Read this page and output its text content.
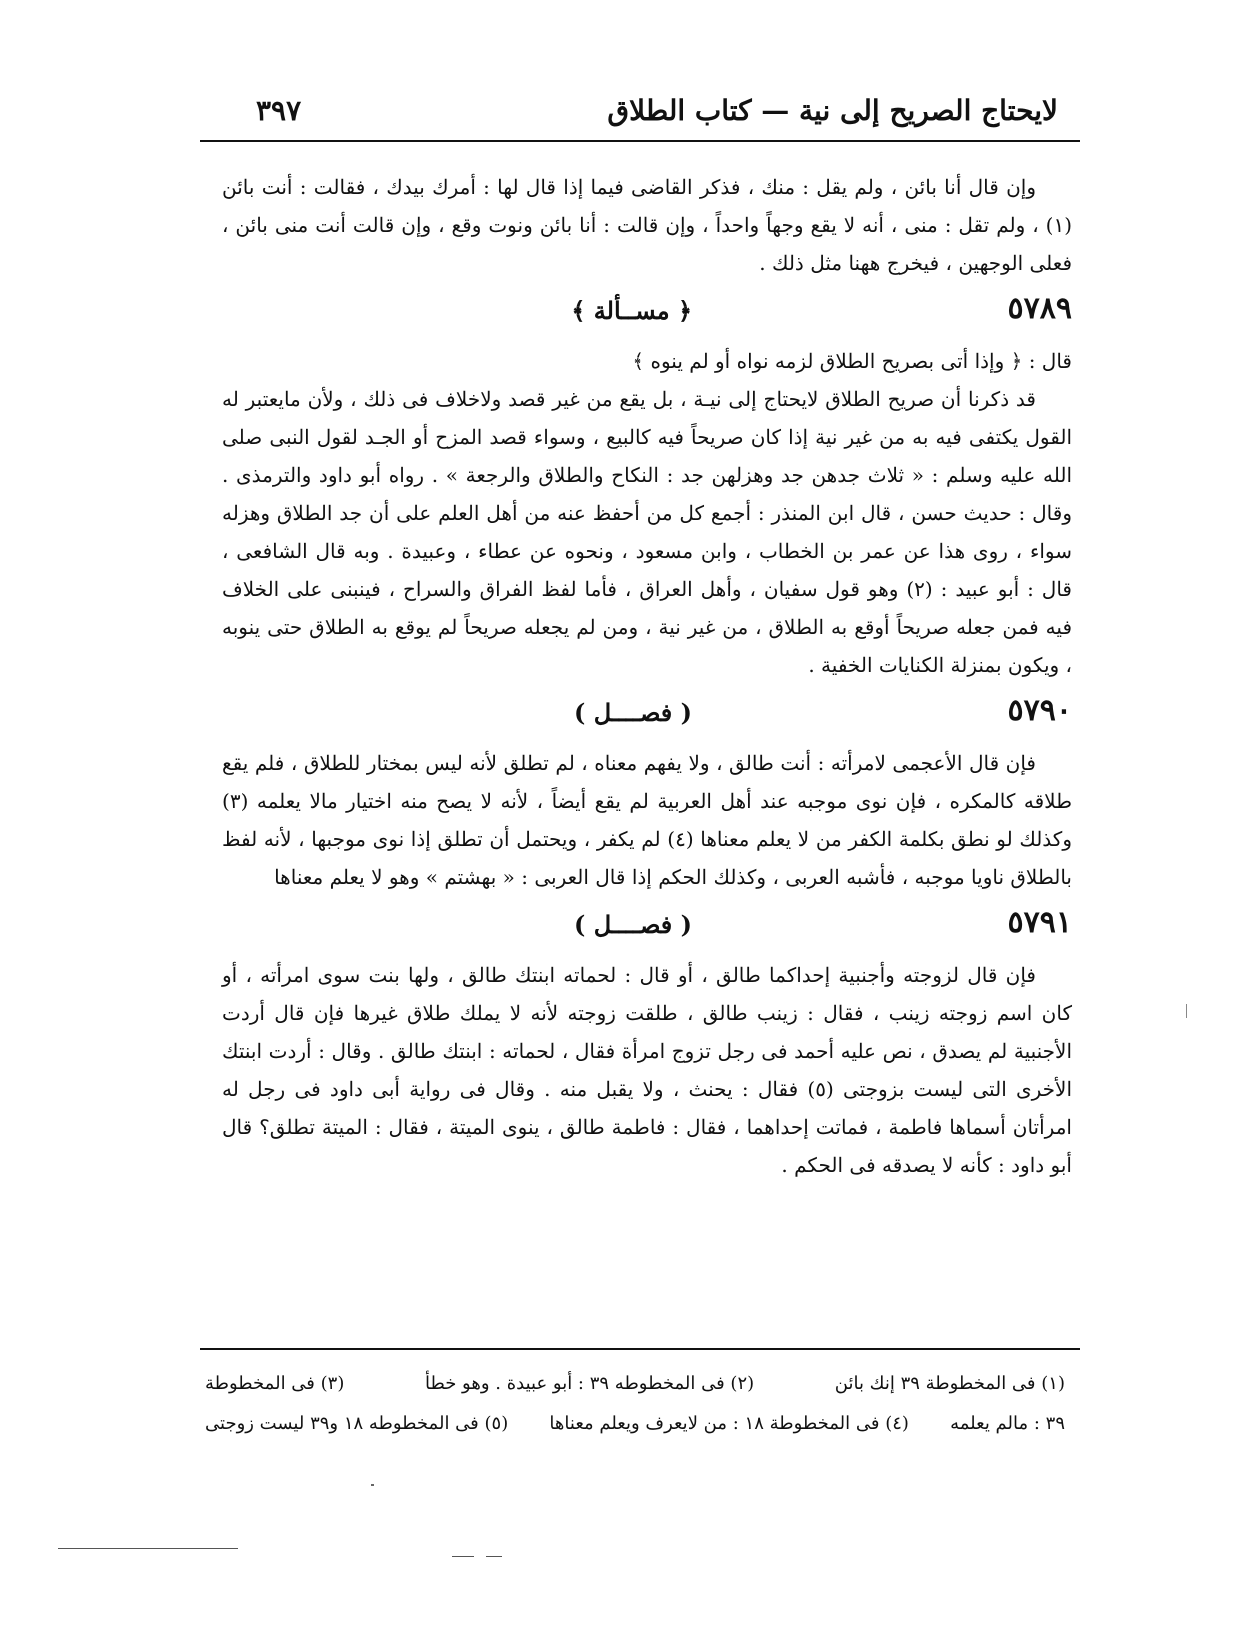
لايحتاج الصريح إلى نية — كتاب الطلاق
٣٩٧

وإن قال أنا بائن ، ولم يقل : منك ، فذكر القاضى فيما إذا قال لها : أمرك بيدك ، فقالت : أنت بائن (١) ، ولم تقل : منى ، أنه لا يقع وجهاً واحداً ، وإن قالت : أنا بائن ونوت وقع ، وإن قالت أنت منى بائن ، فعلى الوجهين ، فيخرج ههنا مثل ذلك .

٥٧٨٩
﴿ مســألة ﴾

قال : ﴿ وإذا أتى بصريح الطلاق لزمه نواه أو لم ينوه ﴾

قد ذكرنا أن صريح الطلاق لايحتاج إلى نيـة ، بل يقع من غير قصد ولاخلاف فى ذلك ، ولأن مايعتبر له القول يكتفى فيه به من غير نية إذا كان صريحاً فيه كالبيع ، وسواء قصد المزح أو الجـد لقول النبى صلى الله عليه وسلم : « ثلاث جدهن جد وهزلهن جد : النكاح والطلاق والرجعة » . رواه أبو داود والترمذى . وقال : حديث حسن ، قال ابن المنذر : أجمع كل من أحفظ عنه من أهل العلم على أن جد الطلاق وهزله سواء ، روى هذا عن عمر بن الخطاب ، وابن مسعود ، ونحوه عن عطاء ، وعبيدة . وبه قال الشافعى ، قال : أبو عبيد : (٢) وهو قول سفيان ، وأهل العراق ، فأما لفظ الفراق والسراح ، فينبنى على الخلاف فيه فمن جعله صريحاً أوقع به الطلاق ، من غير نية ، ومن لم يجعله صريحاً لم يوقع به الطلاق حتى ينوبه ، ويكون بمنزلة الكنايات الخفية .

٥٧٩٠
( فصــــل )

فإن قال الأعجمى لامرأته : أنت طالق ، ولا يفهم معناه ، لم تطلق لأنه ليس بمختار للطلاق ، فلم يقع طلاقه كالمكره ، فإن نوى موجبه عند أهل العربية لم يقع أيضاً ، لأنه لا يصح منه اختيار مالا يعلمه (٣) وكذلك لو نطق بكلمة الكفر من لا يعلم معناها (٤) لم يكفر ، ويحتمل أن تطلق إذا نوى موجبها ، لأنه لفظ بالطلاق ناويا موجبه ، فأشبه العربى ، وكذلك الحكم إذا قال العربى : « بهشتم » وهو لا يعلم معناها

٥٧٩١
( فصــــل )

فإن قال لزوجته وأجنبية إحداكما طالق ، أو قال : لحماته ابنتك طالق ، ولها بنت سوى امرأته ، أو كان اسم زوجته زينب ، فقال : زينب طالق ، طلقت زوجته لأنه لا يملك طلاق غيرها فإن قال أردت الأجنبية لم يصدق ، نص عليه أحمد فى رجل تزوج امرأة فقال ، لحماته : ابنتك طالق . وقال : أردت ابنتك الأخرى التى ليست بزوجتى (٥) فقال : يحنث ، ولا يقبل منه . وقال فى رواية أبى داود فى رجل له امرأتان أسماها فاطمة ، فماتت إحداهما ، فقال : فاطمة طالق ، ينوى الميتة ، فقال : الميتة تطلق؟ قال أبو داود : كأنه لا يصدقه فى الحكم .

(١) فى المخطوطة ٣٩ إنك بائن
(٢) فى المخطوطه ٣٩ : أبو عبيدة . وهو خطأ
(٣) فى المخطوطة
٣٩ : مالم يعلمه
(٤) فى المخطوطة ١٨ : من لايعرف ويعلم معناها
(٥) فى المخطوطه ١٨ و٣٩ ليست زوجتى
